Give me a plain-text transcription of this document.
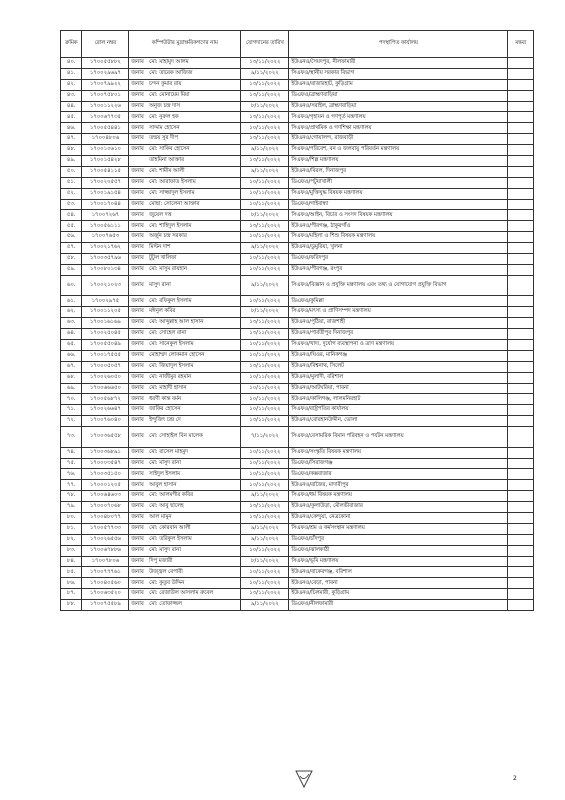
ক্রমিক	রোল নম্বর	কম্পিউটার মুদ্রাক্ষরিকগণের নাম		যোগদানের তারিখ	পদস্থাপিত কার্যালয়	মন্তব্য
৪০.	১৭০০৫৫৮৮২	জনাব	মো: মাহামুদ আলম	১৩/১১/২০২২	ইউএনও/সৈয়দপুর, নীলফামারী	
৪১.	১৭০০২৯৬৯৭	জনাব	মো: তারেক আজিজ	৯/১১/২০২২	সিএফও/স্থানীয় সরকার বিভাগ	
৪২.	১৭০০৭৯৯২২	জনাব	চন্দন কুমার রায়	১৩/১১/২০২২	ইউএনও/রাজারহাট, কুড়িগ্রাম	
৪৩.	১৭০০৭৫৮০১	জনাব	মো: মোনায়েম মিয়া	১৩/১১/২০২২	ডিএফও/ব্রাহ্মণবাড়িয়া	
৪৪.	১৭০০১১২২৬	জনাব	অনুজ চন্দ্র দাস	৮/১১/২০২২	ইউএনও/সরাইল, ব্রাহ্মণবাড়িয়া	
৪৫.	১৭০০৬৭৭৩৫	জনাব	মো: নুরুল হক	১৩/১১/২০২২	সিএফও/গৃহায়ন ও গণপূর্ত মন্ত্রণালয়	
৪৬.	১৭০০৫৫৪৪১	জনাব	সাদ্দাম হোসেন	১০/১১/২০২২	সিএফও/প্রাথমিক ও গণশিক্ষা মন্ত্রণালয়	
৪৭.	১৭০০৪৮০৬	জনাব	তন্ময় সুর দীপ	১৩/১১/২০২২	ইউএনও/গোয়ালন্দ, রাজবাড়ী	
৪৮.	১৭০০১০৬১০	জনাব	মো: সাকিব হোসেন	৯/১১/২০২২	সিএফও/পরিবেশ, বন ও জলবায়ু পরিবর্তন মন্ত্রণালয়	
৪৯.	১৭০০১৫৪২৮		তাহমিনা আক্তার	১৩/১১/২০২২	সিএফও/শিল্প মন্ত্রণালয়	
৫০.	১৭০০৫৪১১৫	জনাব	মো: শামীম আলী	৯/১১/২০২২	ইউএনও/বিরল, দিনাজপুর	
৫১.	১৭০০২০৫৫৭	জনাব	মো: আরাফাত ইসলাম	১০/১১/২০২২	ডিএফও/পটুয়াখালী	
৫২.	১৭০০১৯১৫৪	জনাব	মো: সাজ্জাদুল ইসলাম	১০/১১/২০২২	সিএফও/মুক্তিযুদ্ধ বিষয়ক মন্ত্রণালয়	
৫৩.	১৭০০১৭০৪৪	জনাব	মোছা: সোলেনা আক্তার	১০/১১/২০২২	ডিএফও/গাইবান্ধা	
৫৪.	১৭০০৭২৬৭	জনাব	জুয়েল দত্ত	৮/১১/২০২২	সিএফও/আইন, বিচার ও সংসদ বিষয়ক মন্ত্রণালয়	
৫৫.	১৭০০৫৬১১১	জনাব	মো: শাহিদুল ইসলাম	১৩/১১/২০২২	ইউএনও/পীরগঞ্জ, ঠাকুরগাঁও	
৫৬.	১৭০০৭৬৫৩	জনাব	অর্জুন চন্দ্র সরকার	১০/১১/২০২২	সিএফও/মহিলা ও শিশু বিষয়ক মন্ত্রণালয়	
৫৭.	১৭০০২১৭৬২	জনাব	মিল্টন দাশ	৯/১১/২০২২	ইউএনও/ডুমুরিয়া, খুলনা	
৫৮.	১৭০০৩৫৭৯৬	জনাব	টুটুল খালিফা	১০/১১/২০২২	ডিএফও/ফরিদপুর	
৫৯.	১৭০০৮০১৩৪	জনাব	মো: মাসুম রায়হান	১০/১১/২০২২	ইউএনও/পীরগঞ্জ, রংপুর	
৬০.	১৭০০২১০২৩	জনাব	মাসুদ রানা	৯/১১/২০২২	সিএফও/বিজ্ঞান ও প্রযুক্তি মন্ত্রণালয় এবং তথ্য ও যোগাযোগ প্রযুক্তি বিভাগ	
৬১.	১৭০০২৯৭৫	জনাব	মো: রফিকুল ইসলাম	১০/১১/২০২২	ডিএফও/কুমিল্লা	
৬২.	১৭০০১১২০৫	জনাব	মঈনুল কবির	৮/১১/২০২২	সিএফও/মৎস্য ও প্রাণিসম্পদ মন্ত্রণালয়	
৬৩.	১৭০০১৬১৬৯	জনাব	মো: আব্দুল্লাহ আল হাসান	১৩/১১/২০২২	ইউএনও/পুঠিয়া, রাজশাহী	
৬৪.	১৭০০২৫০৪৫	জনাব	মো: সোহেল রানা	১৩/১১/২০২২	ইউএনও/পার্বতীপুর দিনাজপুর	
৬৫.	১৭০০৫৫০৪৯	জনাব	মো: সানেকুল ইসলাম	১০/১১/২০২২	সিএফও/খাদ্য, দুর্যোগ ব্যবস্থাপনা ও ত্রাণ মন্ত্রণালয়	
৬৬.	১৭০০১৭৫৫৫	জনাব	মোহাম্মদ লোকমান হোসেন	১০/১১/২০২২	ইউএনও/ঘিওর, মানিকগঞ্জ	
৬৭.	১৭০০০৫০৫৭	জনাব	মো: জিয়াদুল ইসলাম	১৩/১১/২০২২	ইউএনও/বিশ্বনাথ, সিলেট	
৬৮.	১৭০০২৬০৫০	জনাব	মো: নাজীমুর রহমান	১০/১১/২০২২	ইউএনও/মুলাদী, বরিশাল	
৬৯.	১৭০০৬৬৬৫০	জনাব	মো: মাহাদী হাসান	১০/১১/২০২২	ইউএনও/আটঘরিয়া, পাবনা	
৭০.	১৭০০৫৬৮৭২	জনাব	ধরণী কান্ত বর্মন	১০/১১/২০২২	ইউএনও/কালিগঞ্জ, লালমনিরহাট	
৭১.	১৭০০২৬৬৪৭	জনাব	জাকির হোসেন	১০/১১/২০২২	সিএফও/রাষ্ট্রপতির কার্যালয়	
৭২.	১৭০০৭৬০৪০	জনাব	ইন্দুজিৎ চন্দ্র দে	১৩/১১/২০২২	ইউএনও/বোরহানউদ্দীন, ভোলা	
৭৩.	১৭০০৩৬৫৫৮	জনাব	মো: সোহাইল বিন মালেক	৭/১১/২০২২	সিএফও/বেসামরিক বিমান পরিবহন ও পর্যটন মন্ত্রণালয়	
৭৪.	১৭০০৩৬৮৯১	জনাব	মো: রাসেল মাহমুদ	১০/১১/২০২২	সিএফও/সংস্কৃতি বিষয়ক মন্ত্রণালয়	
৭৫.	১৭০০০৩৫৪৭	জনাব	মো: মাসুদ রানা	১০/১১/২০২২	ডিএফও/সিরাজগঞ্জ	
৭৬.	১৭০০৩৫১৫০	জনাব	সাইদুল ইসলাম	১০/১১/২০২২	ডিএফও/কক্সবাজার	
৭৭.	১৭০০০১২০৫	জনাব	আবুল হাসান	১০/১১/২০২২	ইউএনও/রাজৈর, মাদারীপুর	
৭৮.	১৭০০৬৪৬০৩	জনাব	মো: আলমগীর কবির	৯/১১/২০২২	সিএফও/ধর্ম বিষয়ক মন্ত্রণালয়	
৭৯.	১৭০০০৭০৬৮	জনাব	মো: আবু ছালেহ	১৩/১১/২০২২	ইউএনও/কুলাউড়া, মৌলভীবাজার	
৮০.	১৭০০৪৮০৭৭	জনাব	আল মামুন	১৩/১১/২০২২	ইউএনও/কেন্দুয়া, নেত্রকোনা	
৮১.	১৭০০৫৭৭৩৩	জনাব	মো: কোরবান আলী	৯/১১/২০২২	সিএফও/শ্রম ও কর্মসংস্থান মন্ত্রণালয়	
৮২.	১৭০০২৬৫৫৬	জনাব	মো: তরিকুল ইসলাম	৯/১১/২০২২	ডিএফও/চাঁদপুর	
৮৩.	১৭০০৬৭৮৮৬	জনাব	মো: মাসুদ রানা	১০/১১/২০২২	ডিএফও/ঝালকাঠী	
৮৪.	১৭০০৭৮০৬	জনাব	দিপু মজারী	৮/১১/২০২২	সিএফও/ভূমি মন্ত্রণালয়	
৮৫.	১৭০০৭৭৭৬১	জনাব	উজ্জ্বল বেপারী	১০/১১/২০২২	ইউএনও/বাকেরগঞ্জ, বরিশাল	
৮৬.	১৭০০৪০৫৬০	জনাব	মো: কুতুব উদ্দিন	১০/১১/২০২২	ইউএনও/বেড়া, পাবনা	
৮৭.	১৭০০৬৩৫২০	জনাব	মো: রেজাউল আসলাম রুবেল	১৩/১১/২০২২	ইউএনও/চিলমারী, কুড়িগ্রাম	
৮৮.	১৭০০৭৫৫৮৯	জনাব	মো: তোফাজ্জল	৯/১১/২০২২	ডিএফও/নীলফামারী	
2
